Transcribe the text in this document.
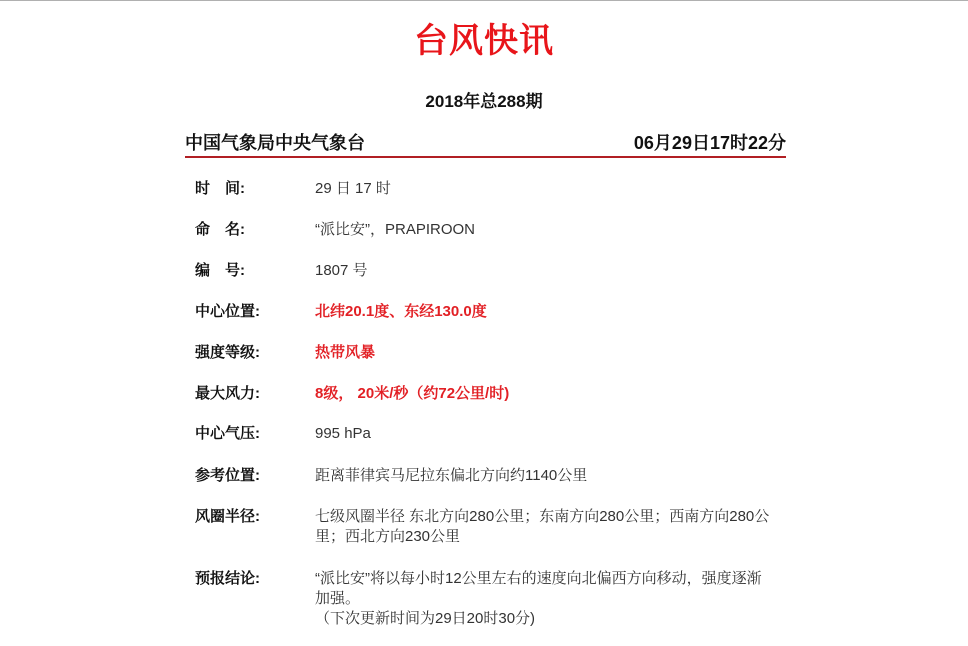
台风快讯
2018年总288期
中国气象局中央气象台	06月29日17时22分
时　间:	29 日 17 时
命　名:	“派比安”，PRAPIROON
编　号:	1807 号
中心位置:	北纬20.1度、东经130.0度
强度等级:	热带风暴
最大风力:	8级， 20米/秒（约72公里/时)
中心气压:	995 hPa
参考位置:	距离菲律宾马尼拉东偏北方向约1140公里
风圈半径:	七级风圈半径 东北方向280公里；东南方向280公里；西南方向280公里；西北方向230公里
预报结论:	“派比安”将以每小时12公里左右的速度向北偏西方向移动，强度逐渐加强。
（下次更新时间为29日20时30分)
